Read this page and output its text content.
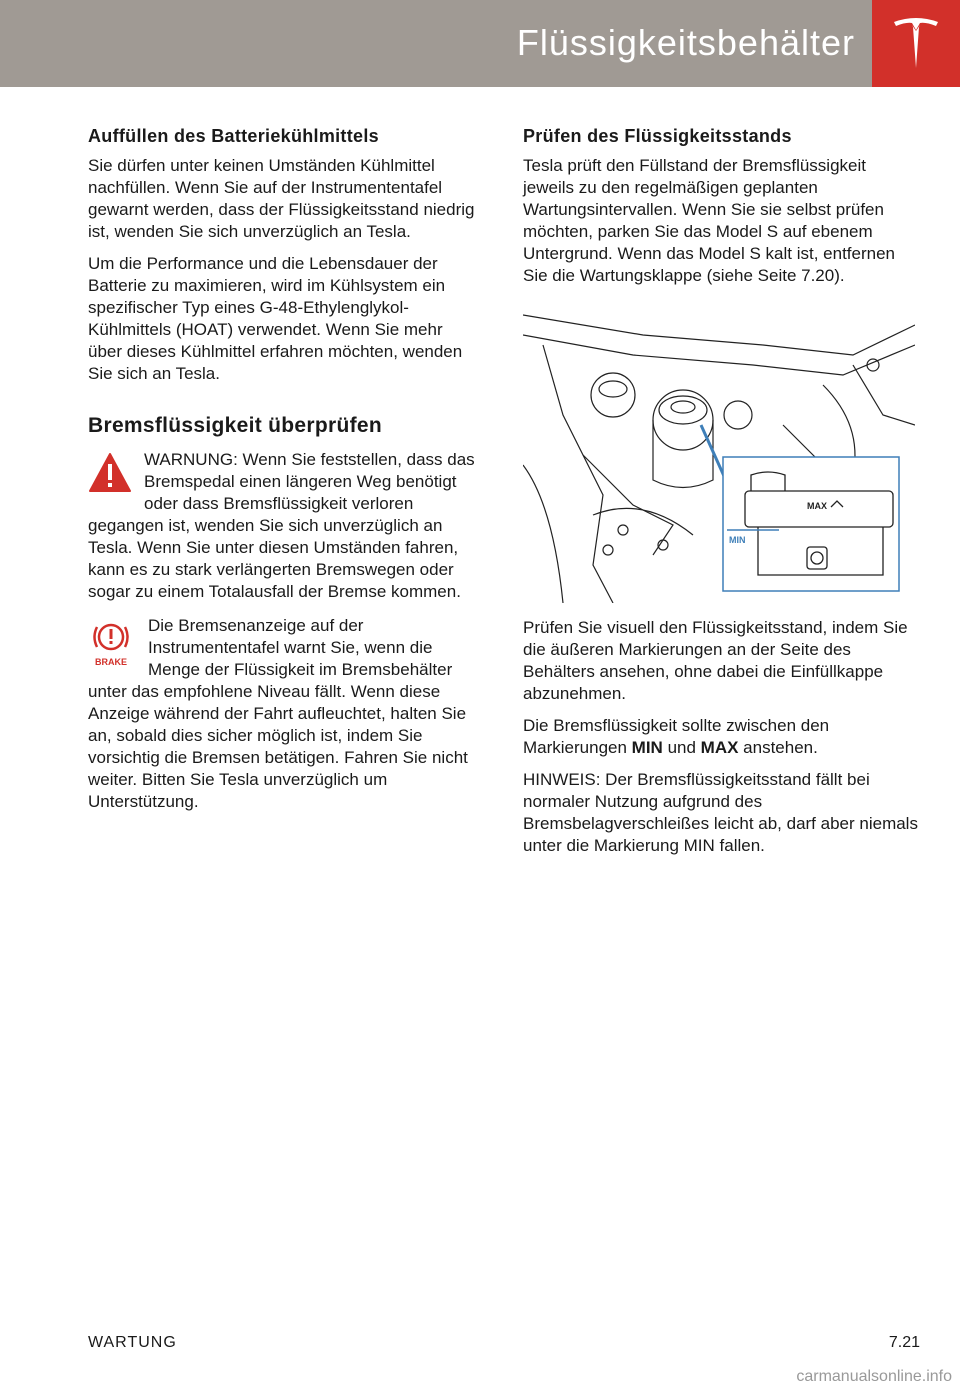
Flüssigkeitsbehälter
Auffüllen des Batteriekühlmittels

Sie dürfen unter keinen Umständen Kühlmittel nachfüllen. Wenn Sie auf der Instrumententafel gewarnt werden, dass der Flüssigkeitsstand niedrig ist, wenden Sie sich unverzüglich an Tesla.

Um die Performance und die Lebensdauer der Batterie zu maximieren, wird im Kühlsystem ein spezifischer Typ eines G-48-Ethylenglykol-Kühlmittels (HOAT) verwendet. Wenn Sie mehr über dieses Kühlmittel erfahren möchten, wenden Sie sich an Tesla.

Bremsflüssigkeit überprüfen

WARNUNG: Wenn Sie feststellen, dass das Bremspedal einen längeren Weg benötigt oder dass Bremsflüssigkeit verloren gegangen ist, wenden Sie sich unverzüglich an Tesla. Wenn Sie unter diesen Umständen fahren, kann es zu stark verlängerten Bremswegen oder sogar zu einem Totalausfall der Bremse kommen.

BRAKE

Die Bremsenanzeige auf der Instrumententafel warnt Sie, wenn die Menge der Flüssigkeit im Bremsbehälter unter das empfohlene Niveau fällt. Wenn diese Anzeige während der Fahrt aufleuchtet, halten Sie an, sobald dies sicher möglich ist, indem Sie vorsichtig die Bremsen betätigen. Fahren Sie nicht weiter. Bitten Sie Tesla unverzüglich um Unterstützung.

Prüfen des Flüssigkeitsstands

Tesla prüft den Füllstand der Bremsflüssigkeit jeweils zu den regelmäßigen geplanten Wartungsintervallen. Wenn Sie sie selbst prüfen möchten, parken Sie das Model S auf ebenem Untergrund. Wenn das Model S kalt ist, entfernen Sie die Wartungsklappe (siehe Seite 7.20).

MAX
MIN

Prüfen Sie visuell den Flüssigkeitsstand, indem Sie die äußeren Markierungen an der Seite des Behälters ansehen, ohne dabei die Einfüllkappe abzunehmen.

Die Bremsflüssigkeit sollte zwischen den Markierungen MIN und MAX anstehen.

HINWEIS: Der Bremsflüssigkeitsstand fällt bei normaler Nutzung aufgrund des Bremsbelagverschleißes leicht ab, darf aber niemals unter die Markierung MIN fallen.

WARTUNG	7.21
carmanualsonline.info
